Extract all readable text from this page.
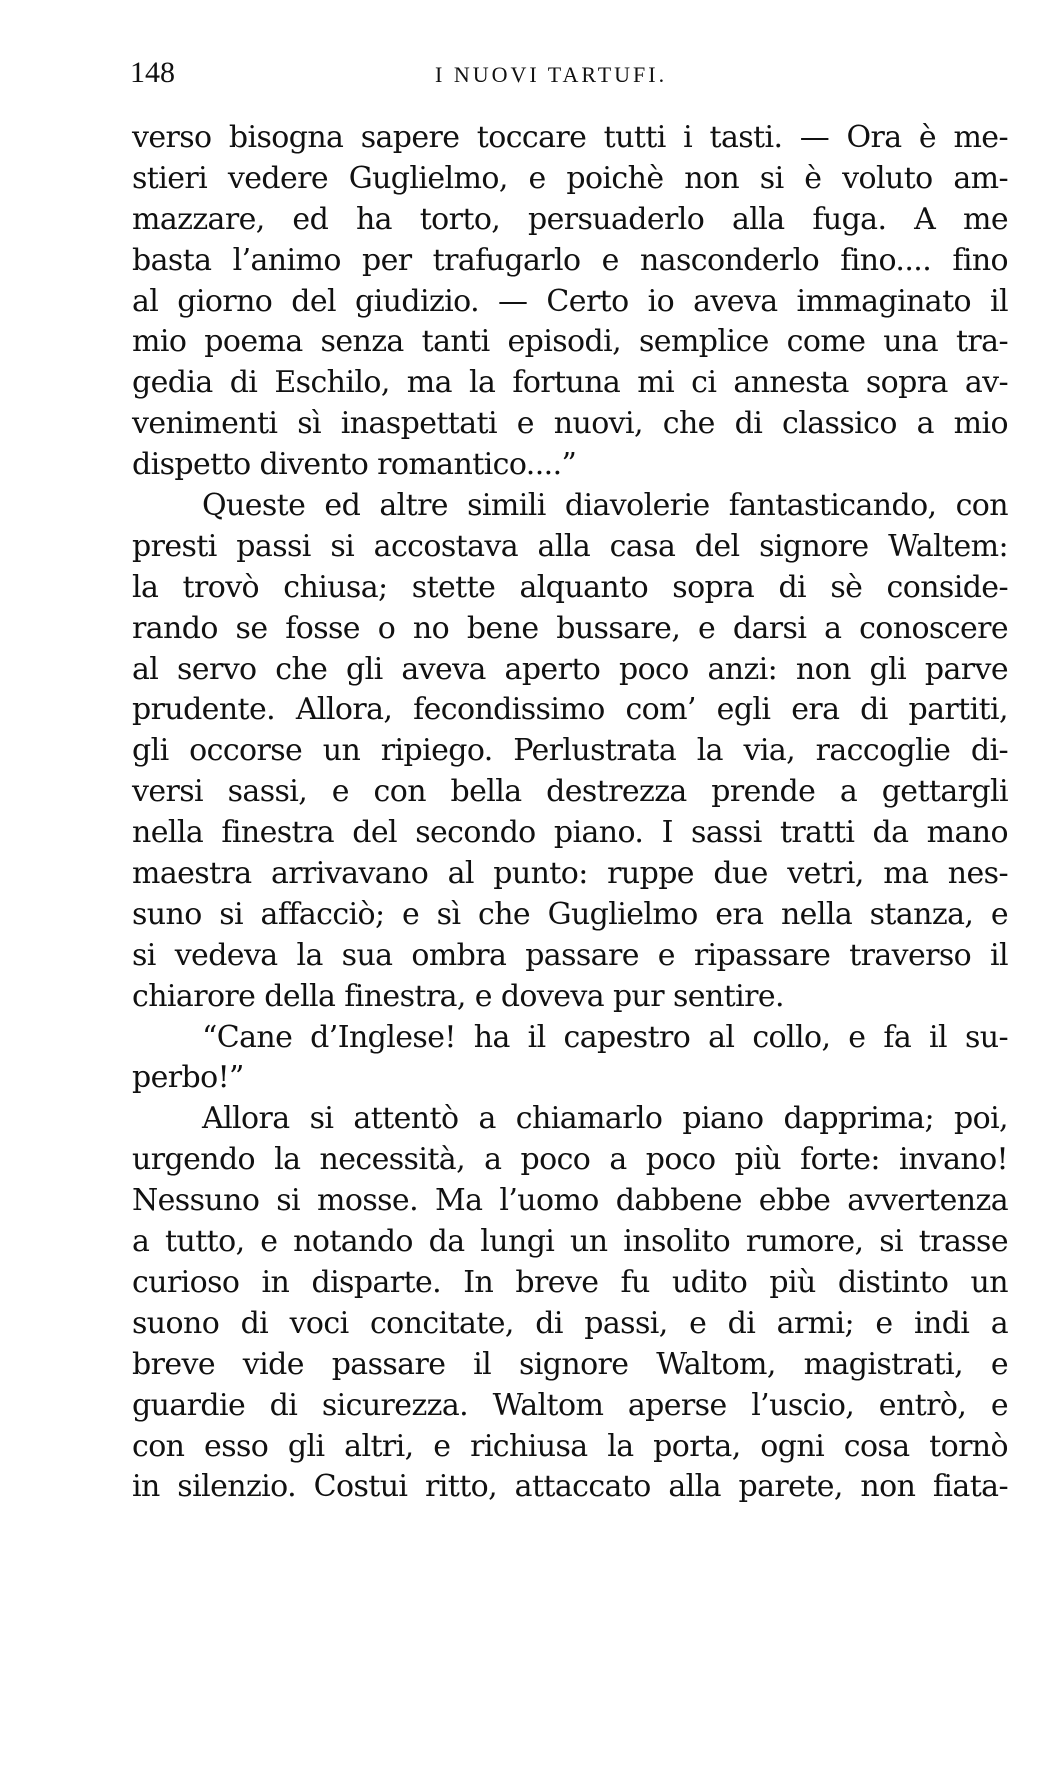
148	I NUOVI TARTUFI.
verso bisogna sapere toccare tutti i tasti. — Ora è me-
stieri vedere Guglielmo, e poichè non si è voluto am-
mazzare, ed ha torto, persuaderlo alla fuga. A me
basta l’animo per trafugarlo e nasconderlo fino.... fino
al giorno del giudizio. — Certo io aveva immaginato il
mio poema senza tanti episodi, semplice come una tra-
gedia di Eschilo, ma la fortuna mi ci annesta sopra av-
venimenti sì inaspettati e nuovi, che di classico a mio
dispetto divento romantico....”
Queste ed altre simili diavolerie fantasticando, con
presti passi si accostava alla casa del signore Waltem:
la trovò chiusa; stette alquanto sopra di sè conside-
rando se fosse o no bene bussare, e darsi a conoscere
al servo che gli aveva aperto poco anzi: non gli parve
prudente. Allora, fecondissimo com’ egli era di partiti,
gli occorse un ripiego. Perlustrata la via, raccoglie di-
versi sassi, e con bella destrezza prende a gettargli
nella finestra del secondo piano. I sassi tratti da mano
maestra arrivavano al punto: ruppe due vetri, ma nes-
suno si affacciò; e sì che Guglielmo era nella stanza, e
si vedeva la sua ombra passare e ripassare traverso il
chiarore della finestra, e doveva pur sentire.
“Cane d’Inglese! ha il capestro al collo, e fa il su-
perbo!”
Allora si attentò a chiamarlo piano dapprima; poi,
urgendo la necessità, a poco a poco più forte: invano!
Nessuno si mosse. Ma l’uomo dabbene ebbe avvertenza
a tutto, e notando da lungi un insolito rumore, si trasse
curioso in disparte. In breve fu udito più distinto un
suono di voci concitate, di passi, e di armi; e indi a
breve vide passare il signore Waltom, magistrati, e
guardie di sicurezza. Waltom aperse l’uscio, entrò, e
con esso gli altri, e richiusa la porta, ogni cosa tornò
in silenzio. Costui ritto, attaccato alla parete, non fiata-
